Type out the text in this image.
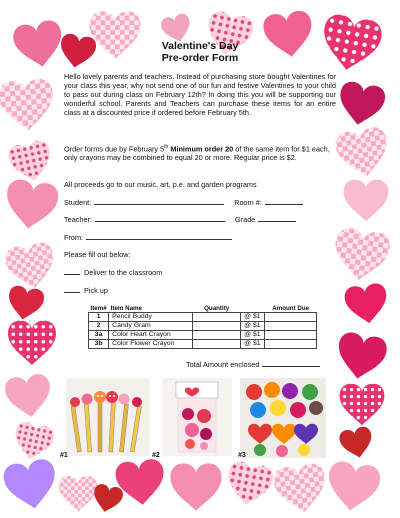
Valentine's Day
Pre-order Form
Hello lovely parents and teachers. Instead of purchasing store bought Valentines for your class this year, why not send one of our fun and festive Valentines to your child to pass out during class on February 12th? In doing this you will be supporting our wonderful school. Parents and Teachers can purchase these items for an entire class at a discounted price if ordered before February 5th.
Order forms due by February 5th Minimum order 20 of the same item for $1 each, only crayons may be combined to equal 20 or more. Regular price is $2.
All proceeds go to our music, art, p.e. and garden programs
Student:	Room #:
Teacher:	Grade
From:
Please fill out below:
Deliver to the classroom
Pick up
Item#	Item Name	Quantity		Amount Due
1	Pencil Buddy		@ $1	
2	Candy Gram		@ $1	
3a	Color Heart Crayon		@ $1	
3b	Color Flower Crayon		@ $1	
Total Amount enclosed
#1	#2	#3
